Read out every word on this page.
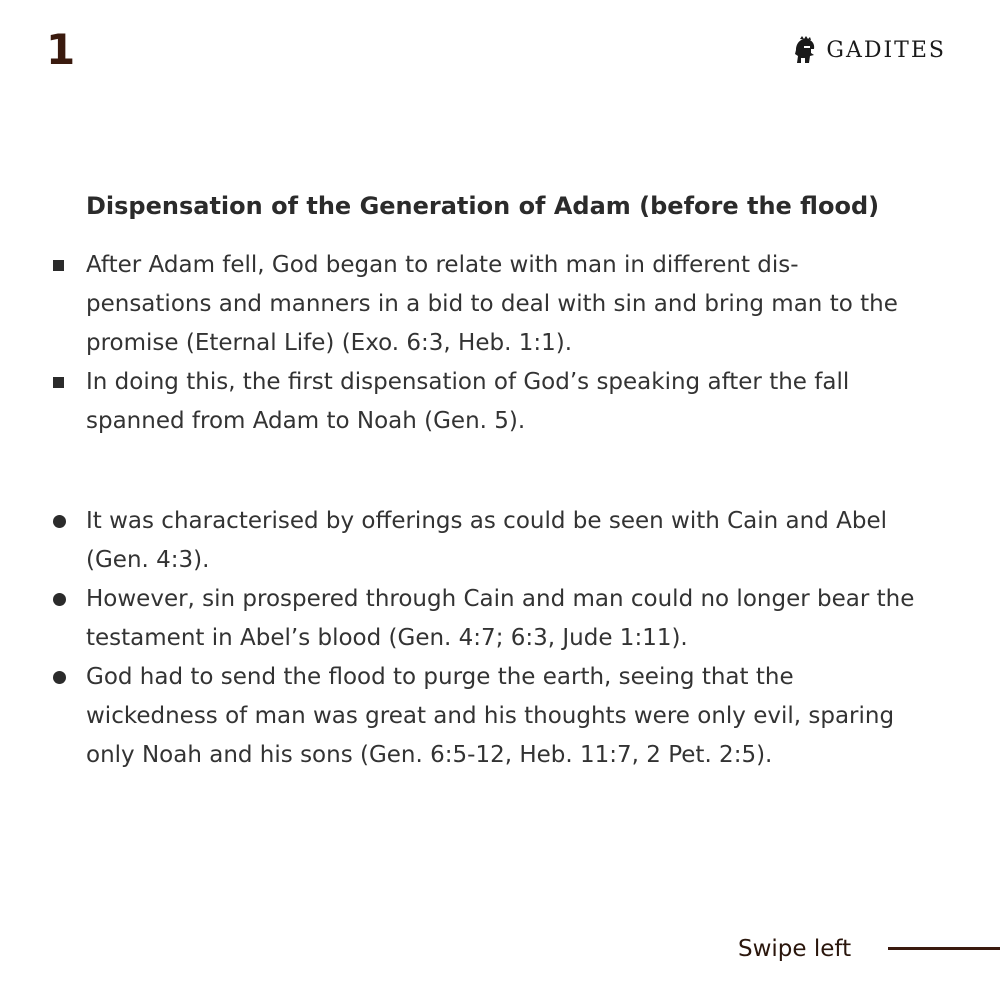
1	GADITES
Dispensation of the Generation of Adam (before the flood)
After Adam fell, God began to relate with man in different dis-pensations and manners in a bid to deal with sin and bring man to the promise (Eternal Life) (Exo. 6:3, Heb. 1:1).
In doing this, the first dispensation of God’s speaking after the fall spanned from Adam to Noah (Gen. 5).
It was characterised by offerings as could be seen with Cain and Abel (Gen. 4:3).
However, sin prospered through Cain and man could no longer bear the testament in Abel’s blood (Gen. 4:7; 6:3, Jude 1:11).
God had to send the flood to purge the earth, seeing that the wickedness of man was great and his thoughts were only evil, sparing only Noah and his sons (Gen. 6:5-12, Heb. 11:7, 2 Pet. 2:5).
Swipe left
